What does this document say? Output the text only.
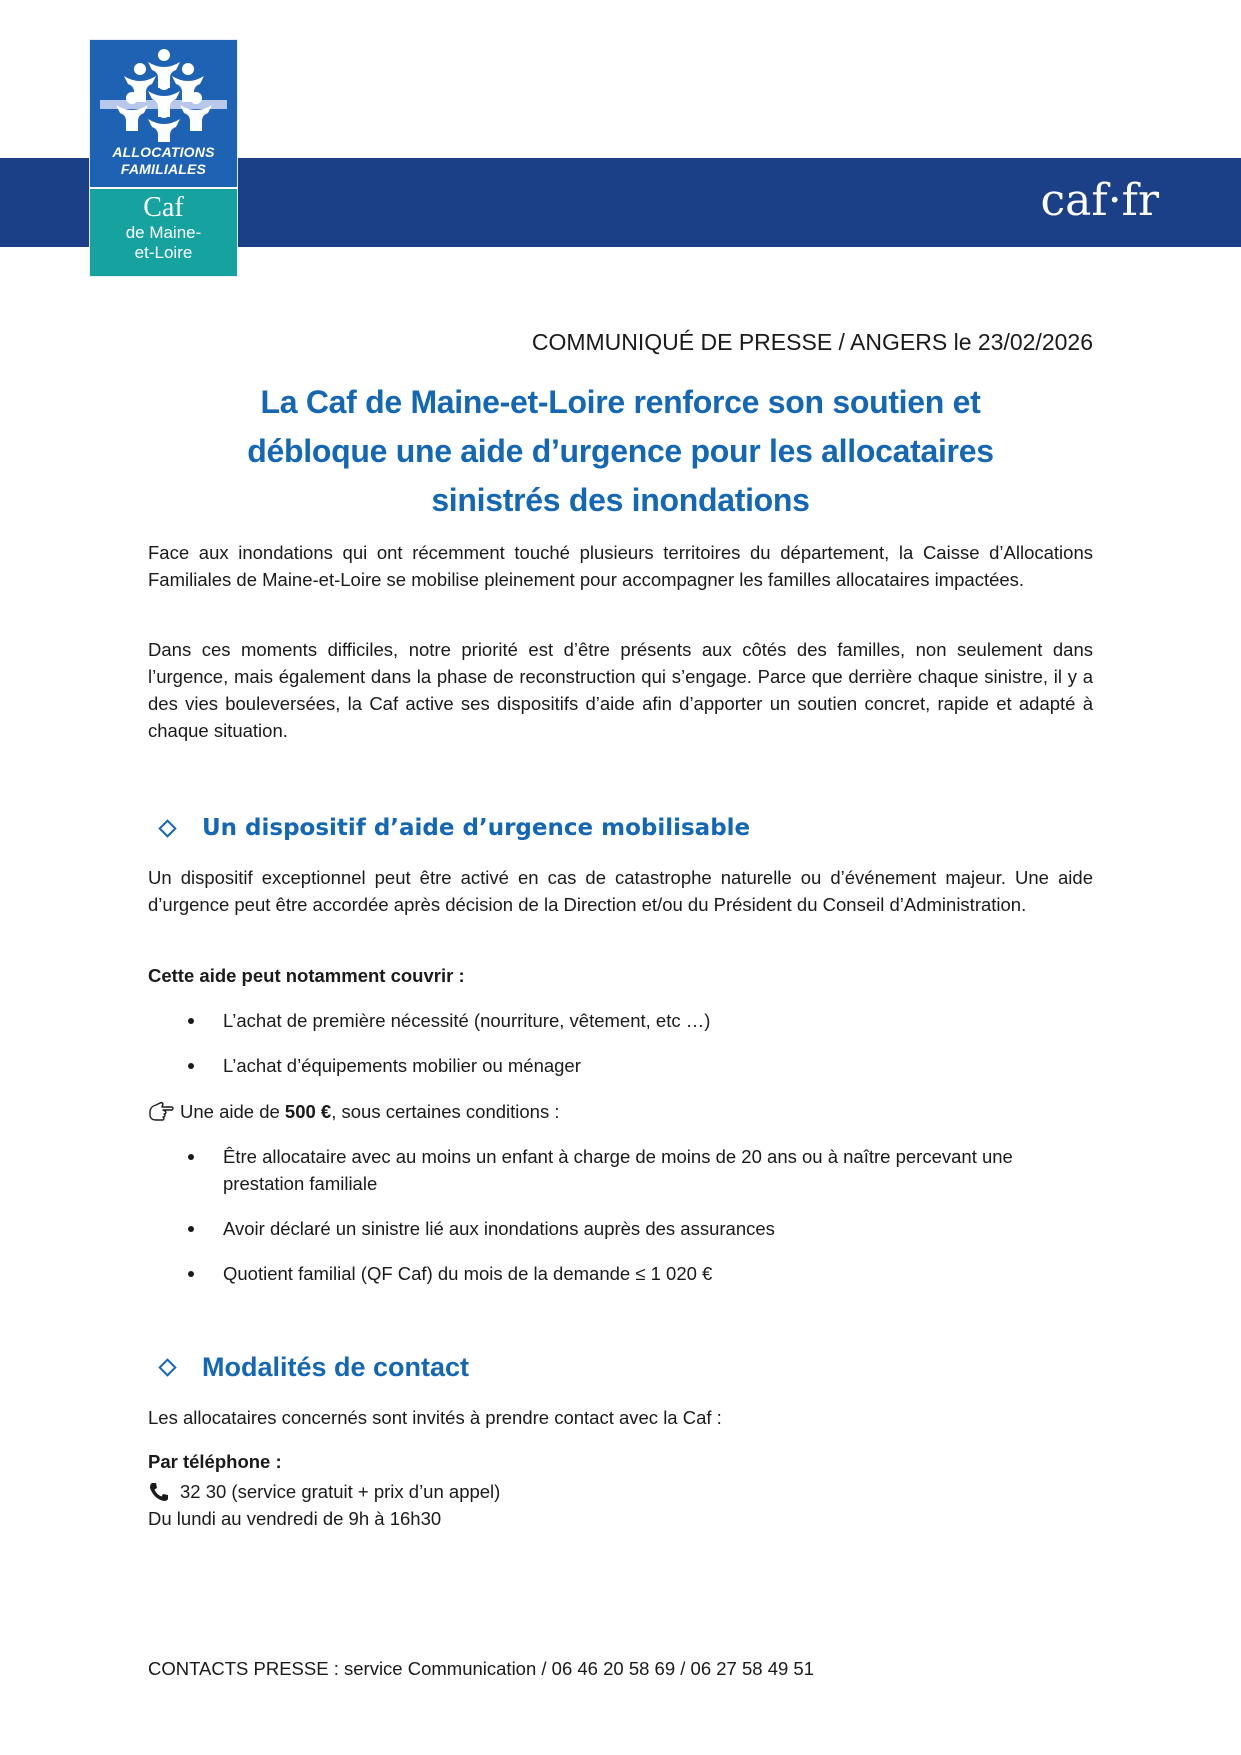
caf·fr
ALLOCATIONS
FAMILIALES
Caf
de Maine-
et-Loire
COMMUNIQUÉ DE PRESSE / ANGERS le 23/02/2026
La Caf de Maine-et-Loire renforce son soutien et
débloque une aide d’urgence pour les allocataires
sinistrés des inondations
Face aux inondations qui ont récemment touché plusieurs territoires du département, la Caisse d’Allocations Familiales de Maine-et-Loire se mobilise pleinement pour accompagner les familles allocataires impactées.
Dans ces moments difficiles, notre priorité est d’être présents aux côtés des familles, non seulement dans l’urgence, mais également dans la phase de reconstruction qui s’engage. Parce que derrière chaque sinistre, il y a des vies bouleversées, la Caf active ses dispositifs d’aide afin d’apporter un soutien concret, rapide et adapté à chaque situation.
Un dispositif d’aide d’urgence mobilisable
Un dispositif exceptionnel peut être activé en cas de catastrophe naturelle ou d’événement majeur. Une aide d’urgence peut être accordée après décision de la Direction et/ou du Président du Conseil d’Administration.
Cette aide peut notamment couvrir :
L’achat de première nécessité (nourriture, vêtement, etc …)
L’achat d’équipements mobilier ou ménager
Une aide de 500 € , sous certaines conditions :
Être allocataire avec au moins un enfant à charge de moins de 20 ans ou à naître percevant une prestation familiale
Avoir déclaré un sinistre lié aux inondations auprès des assurances
Quotient familial (QF Caf) du mois de la demande ≤ 1 020 €
Modalités de contact
Les allocataires concernés sont invités à prendre contact avec la Caf :
Par téléphone :
32 30 (service gratuit + prix d’un appel)
Du lundi au vendredi de 9h à 16h30
CONTACTS PRESSE : service Communication / 06 46 20 58 69 / 06 27 58 49 51
